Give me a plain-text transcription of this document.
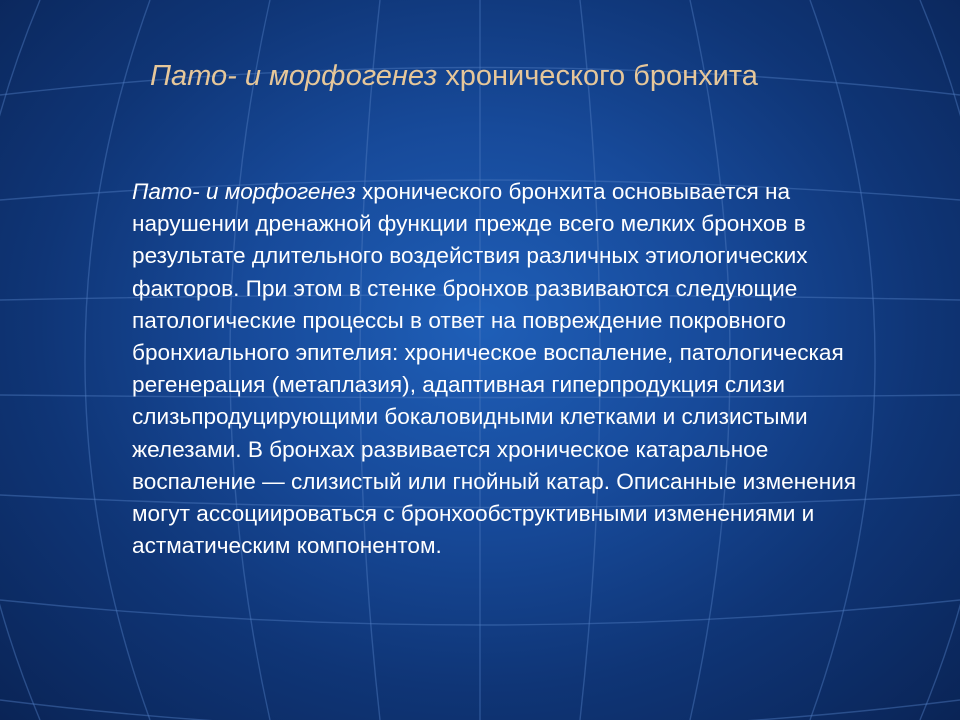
Пато- и морфогенез хронического бронхита
Пато- и морфогенез хронического бронхита основывается на нарушении дренажной функции прежде всего мелких бронхов в результате длительного воздействия различных этиологических факторов. При этом в стенке бронхов развиваются следующие патологические процессы в ответ на повреждение покровного бронхиального эпителия: хроническое воспаление, патологическая регенерация (метаплазия), адаптивная гиперпродукция слизи слизьпродуцирующими бокаловидными клетками и слизистыми железами. В бронхах развивается хроническое катаральное воспаление — слизистый или гнойный катар. Описанные изменения могут ассоциироваться с бронхообструктивными изменениями и астматическим компонентом.
